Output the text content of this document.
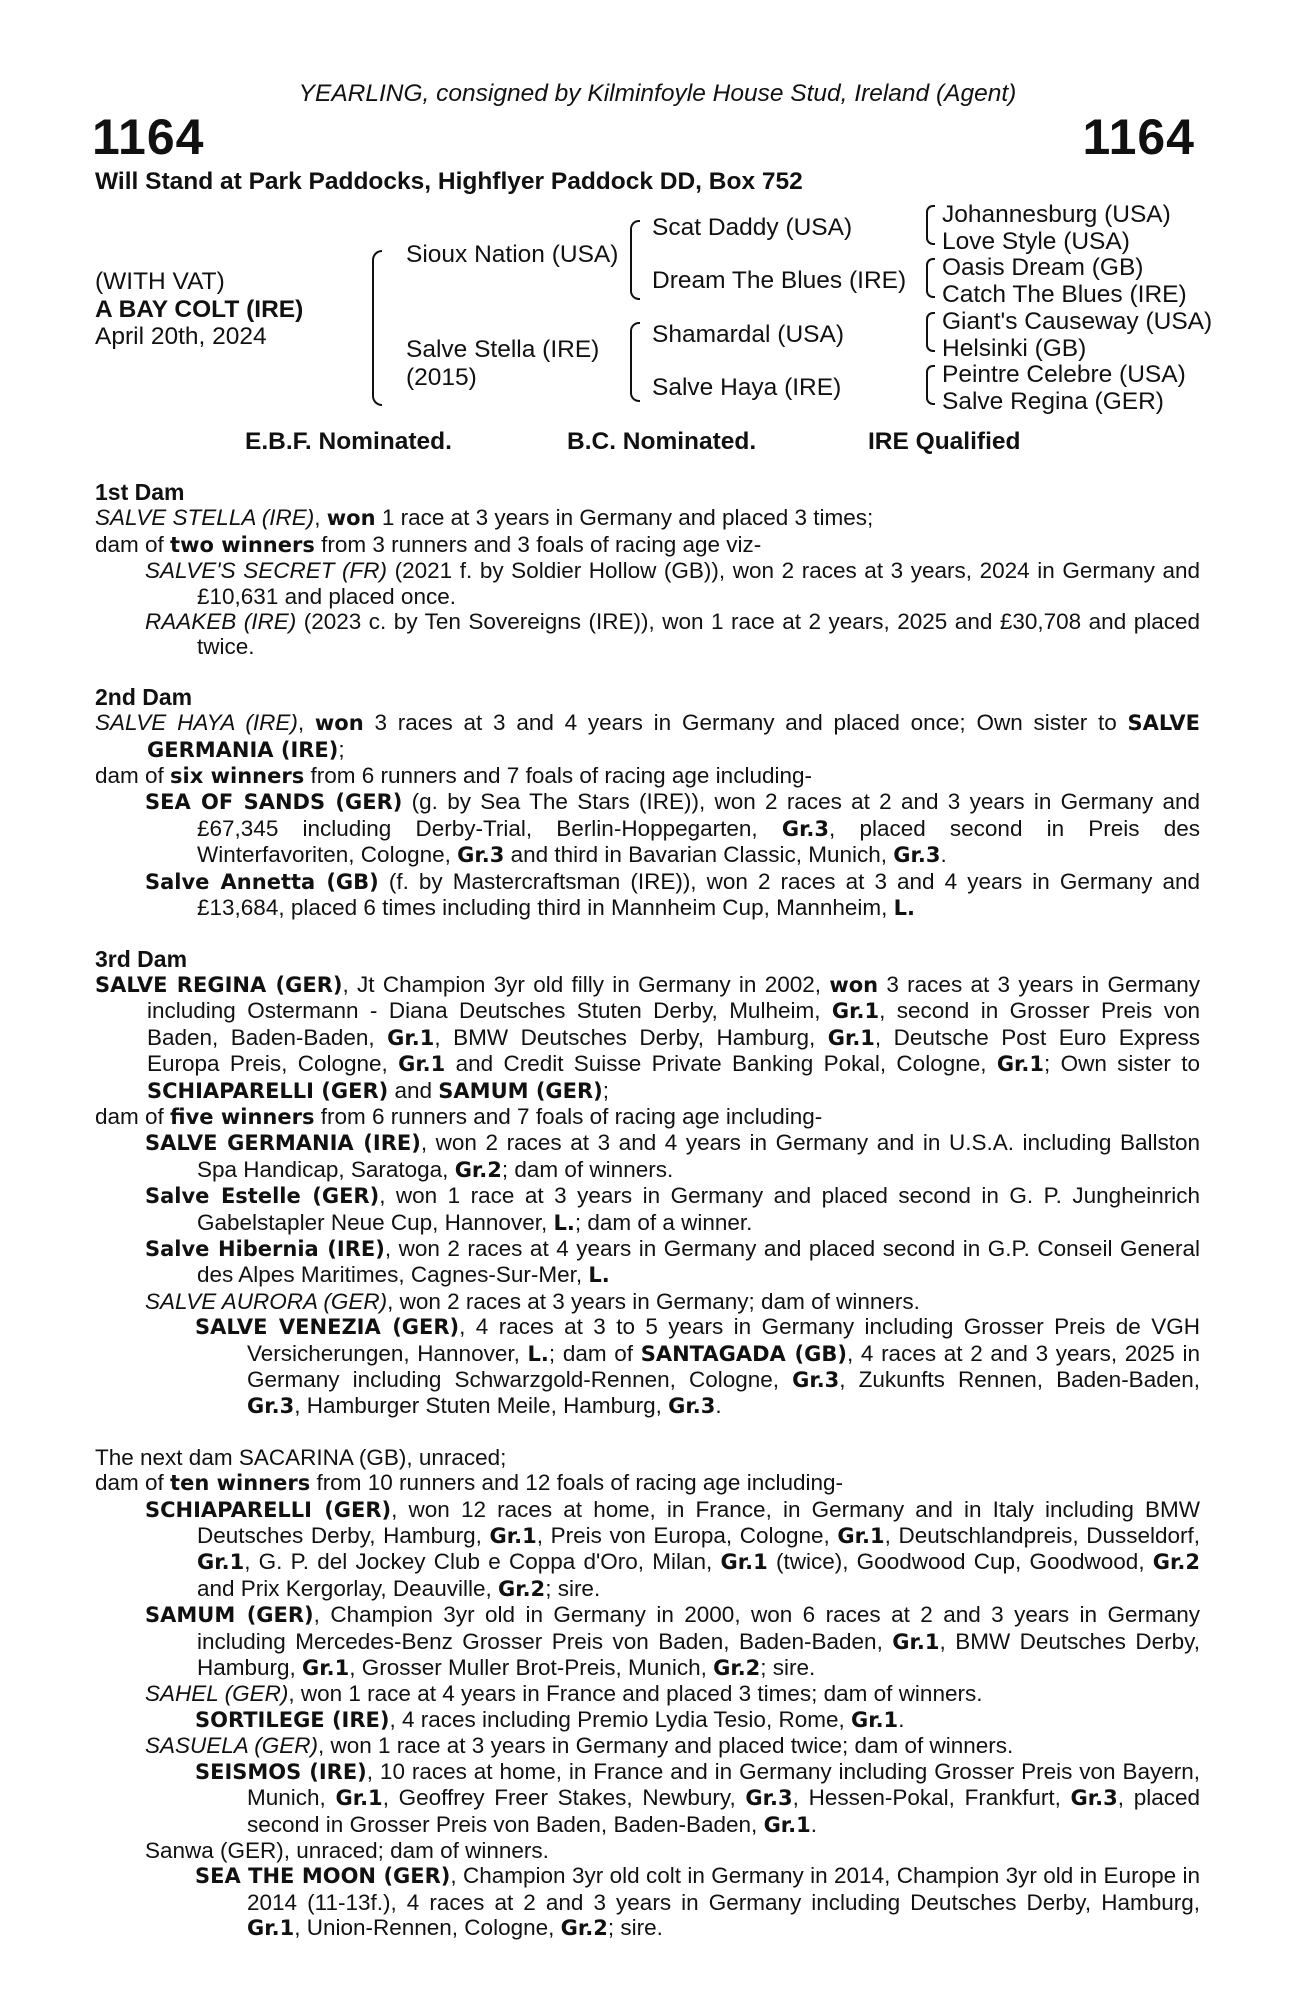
YEARLING, consigned by Kilminfoyle House Stud, Ireland (Agent)
1164	1164
Will Stand at Park Paddocks, Highflyer Paddock DD, Box 752
(WITH VAT)
A BAY COLT (IRE)
April 20th, 2024
Sioux Nation (USA)
Salve Stella (IRE)
(2015)
Scat Daddy (USA)
Dream The Blues (IRE)
Shamardal (USA)
Salve Haya (IRE)
Johannesburg (USA)
Love Style (USA)
Oasis Dream (GB)
Catch The Blues (IRE)
Giant's Causeway (USA)
Helsinki (GB)
Peintre Celebre (USA)
Salve Regina (GER)
E.B.F. Nominated.	B.C. Nominated.	IRE Qualified

1st Dam

SALVE STELLA (IRE), won 1 race at 3 years in Germany and placed 3 times;

dam of two winners from 3 runners and 3 foals of racing age viz-

SALVE'S SECRET (FR) (2021 f. by Soldier Hollow (GB)), won 2 races at 3 years, 2024 in Germany and £10,631 and placed once.

RAAKEB (IRE) (2023 c. by Ten Sovereigns (IRE)), won 1 race at 2 years, 2025 and £30,708 and placed twice.

2nd Dam

SALVE HAYA (IRE), won 3 races at 3 and 4 years in Germany and placed once; Own sister to SALVE GERMANIA (IRE);

dam of six winners from 6 runners and 7 foals of racing age including-

SEA OF SANDS (GER) (g. by Sea The Stars (IRE)), won 2 races at 2 and 3 years in Germany and £67,345 including Derby-Trial, Berlin-Hoppegarten, Gr.3, placed second in Preis des Winterfavoriten, Cologne, Gr.3 and third in Bavarian Classic, Munich, Gr.3.

Salve Annetta (GB) (f. by Mastercraftsman (IRE)), won 2 races at 3 and 4 years in Germany and £13,684, placed 6 times including third in Mannheim Cup, Mannheim, L.

3rd Dam

SALVE REGINA (GER), Jt Champion 3yr old filly in Germany in 2002, won 3 races at 3 years in Germany including Ostermann - Diana Deutsches Stuten Derby, Mulheim, Gr.1, second in Grosser Preis von Baden, Baden-Baden, Gr.1, BMW Deutsches Derby, Hamburg, Gr.1, Deutsche Post Euro Express Europa Preis, Cologne, Gr.1 and Credit Suisse Private Banking Pokal, Cologne, Gr.1; Own sister to SCHIAPARELLI (GER) and SAMUM (GER);

dam of five winners from 6 runners and 7 foals of racing age including-

SALVE GERMANIA (IRE), won 2 races at 3 and 4 years in Germany and in U.S.A. including Ballston Spa Handicap, Saratoga, Gr.2; dam of winners.

Salve Estelle (GER), won 1 race at 3 years in Germany and placed second in G. P. Jungheinrich Gabelstapler Neue Cup, Hannover, L.; dam of a winner.

Salve Hibernia (IRE), won 2 races at 4 years in Germany and placed second in G.P. Conseil General des Alpes Maritimes, Cagnes-Sur-Mer, L.

SALVE AURORA (GER), won 2 races at 3 years in Germany; dam of winners.

SALVE VENEZIA (GER), 4 races at 3 to 5 years in Germany including Grosser Preis de VGH Versicherungen, Hannover, L.; dam of SANTAGADA (GB), 4 races at 2 and 3 years, 2025 in Germany including Schwarzgold-Rennen, Cologne, Gr.3, Zukunfts Rennen, Baden-Baden, Gr.3, Hamburger Stuten Meile, Hamburg, Gr.3.

The next dam SACARINA (GB), unraced;

dam of ten winners from 10 runners and 12 foals of racing age including-

SCHIAPARELLI (GER), won 12 races at home, in France, in Germany and in Italy including BMW Deutsches Derby, Hamburg, Gr.1, Preis von Europa, Cologne, Gr.1, Deutschlandpreis, Dusseldorf, Gr.1, G. P. del Jockey Club e Coppa d'Oro, Milan, Gr.1 (twice), Goodwood Cup, Goodwood, Gr.2 and Prix Kergorlay, Deauville, Gr.2; sire.

SAMUM (GER), Champion 3yr old in Germany in 2000, won 6 races at 2 and 3 years in Germany including Mercedes-Benz Grosser Preis von Baden, Baden-Baden, Gr.1, BMW Deutsches Derby, Hamburg, Gr.1, Grosser Muller Brot-Preis, Munich, Gr.2; sire.

SAHEL (GER), won 1 race at 4 years in France and placed 3 times; dam of winners.

SORTILEGE (IRE), 4 races including Premio Lydia Tesio, Rome, Gr.1.

SASUELA (GER), won 1 race at 3 years in Germany and placed twice; dam of winners.

SEISMOS (IRE), 10 races at home, in France and in Germany including Grosser Preis von Bayern, Munich, Gr.1, Geoffrey Freer Stakes, Newbury, Gr.3, Hessen-Pokal, Frankfurt, Gr.3, placed second in Grosser Preis von Baden, Baden-Baden, Gr.1.

Sanwa (GER), unraced; dam of winners.

SEA THE MOON (GER), Champion 3yr old colt in Germany in 2014, Champion 3yr old in Europe in 2014 (11-13f.), 4 races at 2 and 3 years in Germany including Deutsches Derby, Hamburg, Gr.1, Union-Rennen, Cologne, Gr.2; sire.
